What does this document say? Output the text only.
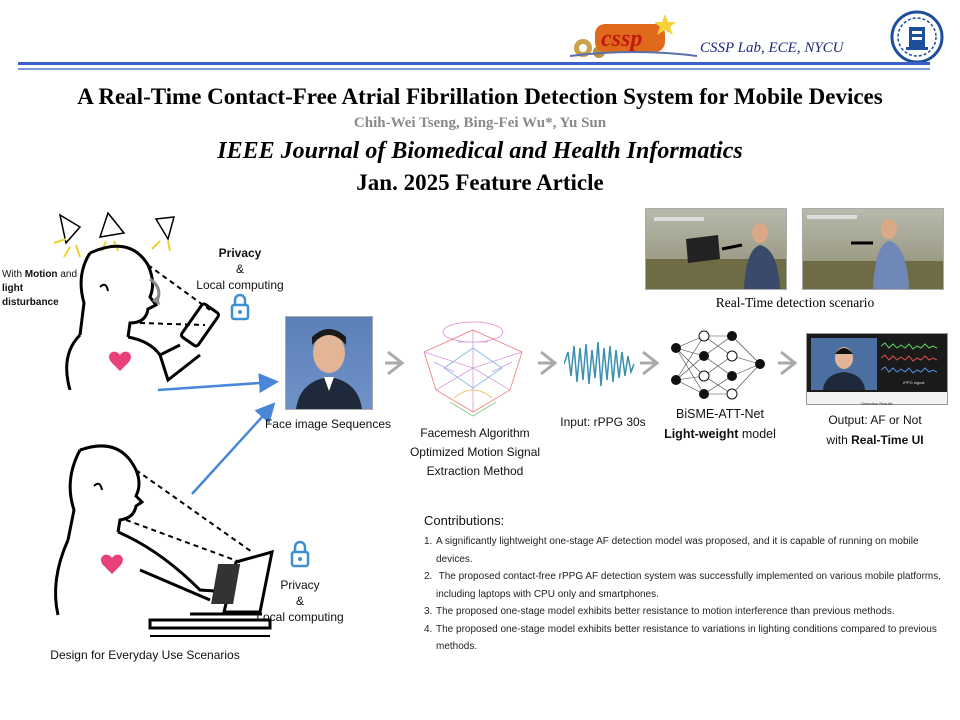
cssp	CSSP Lab, ECE, NYCU
A Real-Time Contact-Free Atrial Fibrillation Detection System for Mobile Devices
Chih-Wei Tseng, Bing-Fei Wu*, Yu Sun
IEEE Journal of Biomedical and Health Informatics
Jan. 2025 Feature Article
With Motion and
light disturbance
Privacy
&
Local computing
Privacy
&
Local computing
Design for Everyday Use Scenarios
Face image Sequences
Facemesh Algorithm
Optimized Motion Signal
Extraction Method
Input: rPPG 30s
BiSME-ATT-Net
Light-weight model
rPPG signal
Detection Results
Output: AF or Not
with Real-Time UI
Real-Time detection scenario
Contributions:
1. A significantly lightweight one-stage AF detection model was proposed, and it is capable of running on mobile devices.
2. The proposed contact-free rPPG AF detection system was successfully implemented on various mobile platforms, including laptops with CPU only and smartphones.
3. The proposed one-stage model exhibits better resistance to motion interference than previous methods.
4. The proposed one-stage model exhibits better resistance to variations in lighting conditions compared to previous methods.
